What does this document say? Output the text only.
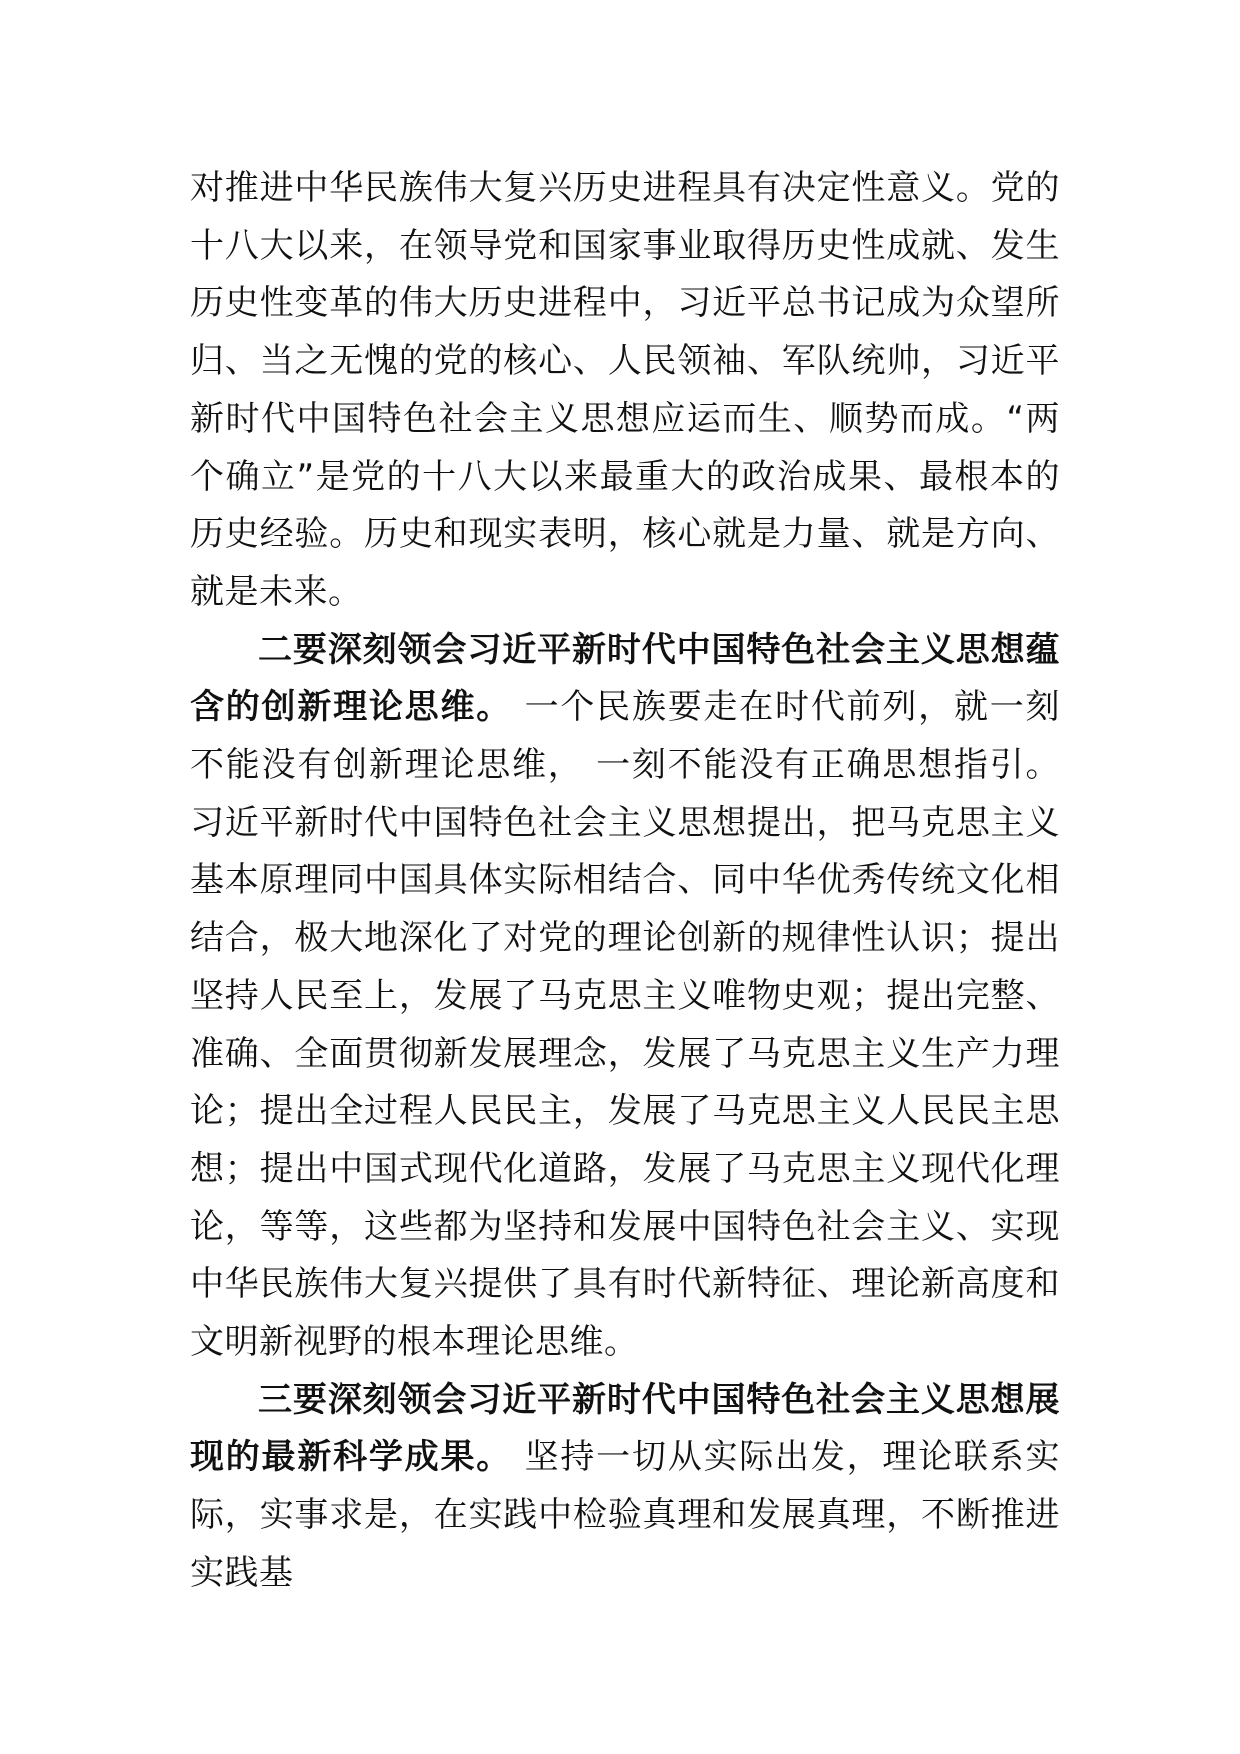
对推进中华民族伟大复兴历史进程具有决定性意义。党的十八大以来，在领导党和国家事业取得历史性成就、发生历史性变革的伟大历史进程中，习近平总书记成为众望所归、当之无愧的党的核心、人民领袖、军队统帅，习近平新时代中国特色社会主义思想应运而生、顺势而成。“两个确立”是党的十八大以来最重大的政治成果、最根本的历史经验。历史和现实表明，核心就是力量、就是方向、就是未来。

二要深刻领会习近平新时代中国特色社会主义思想蕴含的创新理论思维。 一个民族要走在时代前列，就一刻不能没有创新理论思维， 一刻不能没有正确思想指引。习近平新时代中国特色社会主义思想提出，把马克思主义基本原理同中国具体实际相结合、同中华优秀传统文化相结合，极大地深化了对党的理论创新的规律性认识；提出坚持人民至上，发展了马克思主义唯物史观；提出完整、准确、全面贯彻新发展理念，发展了马克思主义生产力理论；提出全过程人民民主，发展了马克思主义人民民主思想；提出中国式现代化道路，发展了马克思主义现代化理论，等等，这些都为坚持和发展中国特色社会主义、实现中华民族伟大复兴提供了具有时代新特征、理论新高度和文明新视野的根本理论思维。

三要深刻领会习近平新时代中国特色社会主义思想展现的最新科学成果。 坚持一切从实际出发，理论联系实际，实事求是，在实践中检验真理和发展真理，不断推进实践基
